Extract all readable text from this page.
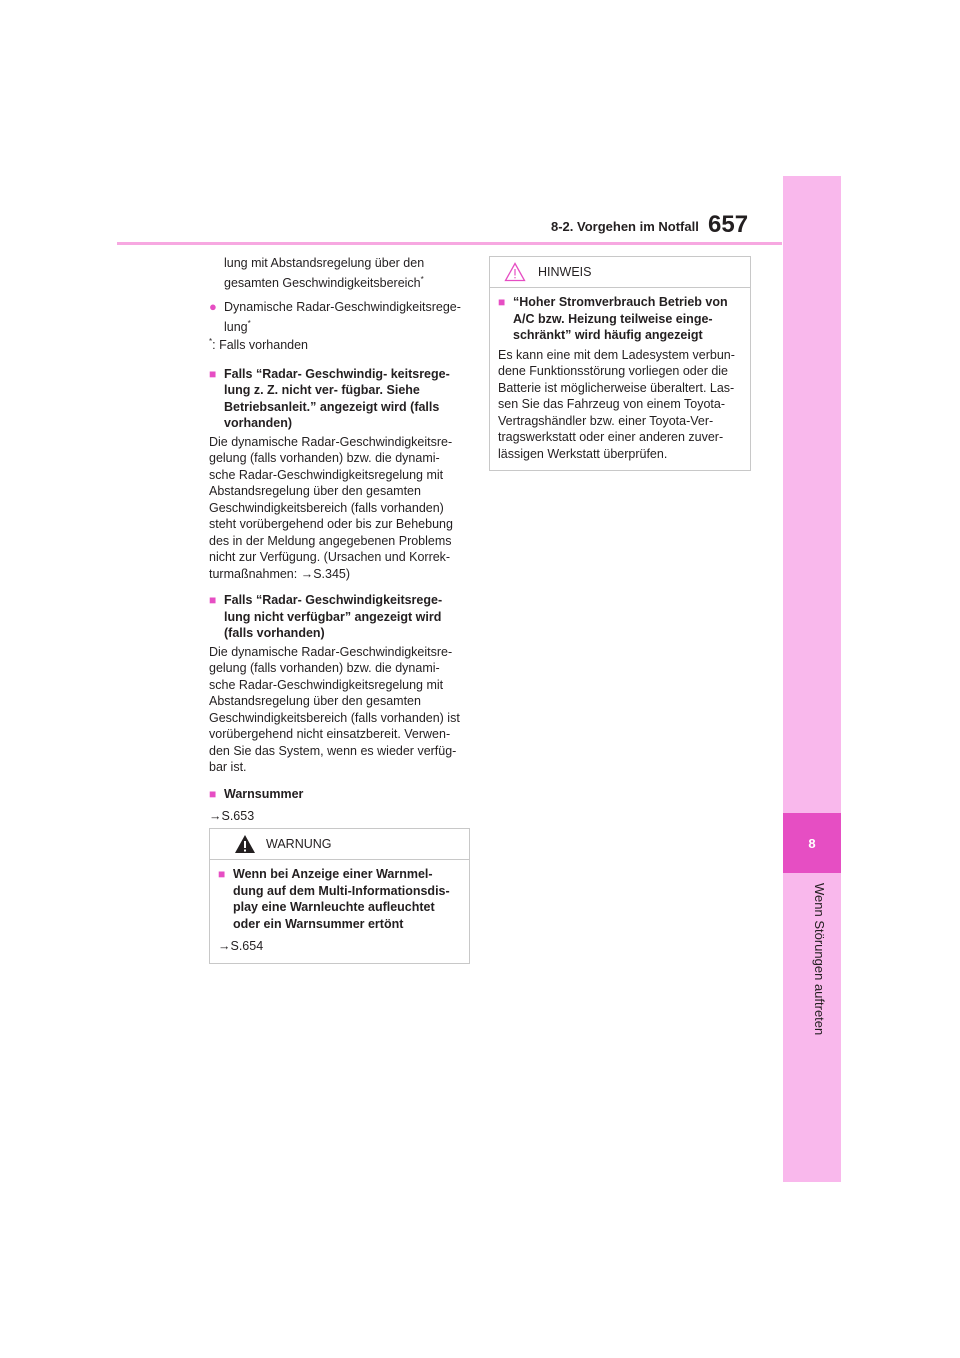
8
Wenn Störungen auftreten
8-2. Vorgehen im Notfall 657

lung mit Abstandsregelung über den

gesamten Geschwindigkeitsbereich*

● Dynamische Radar-Geschwindigkeitsrege-

lung*

*: Falls vorhanden

■ Falls “Radar- Geschwindig- keitsrege-

lung z. Z. nicht ver- fügbar. Siehe

Betriebsanleit.” angezeigt wird (falls

vorhanden)

Die dynamische Radar-Geschwindigkeitsre-

gelung (falls vorhanden) bzw. die dynami-

sche Radar-Geschwindigkeitsregelung mit

Abstandsregelung über den gesamten

Geschwindigkeitsbereich (falls vorhanden)

steht vorübergehend oder bis zur Behebung

des in der Meldung angegebenen Problems

nicht zur Verfügung. (Ursachen und Korrek-

turmaßnahmen: →S.345)

■ Falls “Radar- Geschwindigkeitsrege-

lung nicht verfügbar” angezeigt wird

(falls vorhanden)

Die dynamische Radar-Geschwindigkeitsre-

gelung (falls vorhanden) bzw. die dynami-

sche Radar-Geschwindigkeitsregelung mit

Abstandsregelung über den gesamten

Geschwindigkeitsbereich (falls vorhanden) ist

vorübergehend nicht einsatzbereit. Verwen-

den Sie das System, wenn es wieder verfüg-

bar ist.

■ Warnsummer

→S.653

WARNUNG
■ Wenn bei Anzeige einer Warnmel-

dung auf dem Multi-Informationsdis-

play eine Warnleuchte aufleuchtet

oder ein Warnsummer ertönt

→S.654

HINWEIS
■ “Hoher Stromverbrauch Betrieb von

A/C bzw. Heizung teilweise einge-

schränkt” wird häufig angezeigt

Es kann eine mit dem Ladesystem verbun-

dene Funktionsstörung vorliegen oder die

Batterie ist möglicherweise überaltert. Las-

sen Sie das Fahrzeug von einem Toyota-

Vertragshändler bzw. einer Toyota-Ver-

tragswerkstatt oder einer anderen zuver-

lässigen Werkstatt überprüfen.
